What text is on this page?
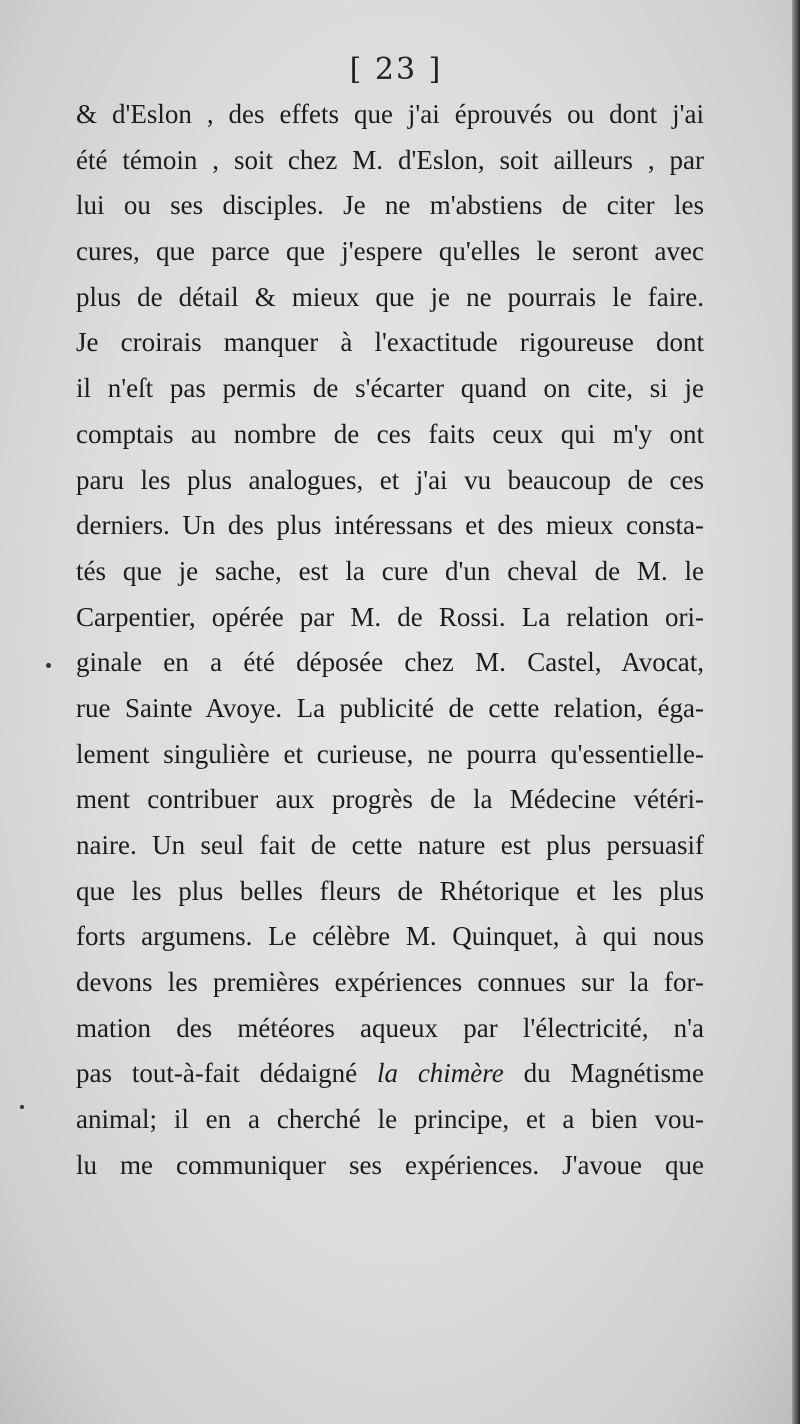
[ 23 ]
& d'Eslon , des effets que j'ai éprouvés ou dont j'ai
été témoin , soit chez M. d'Eslon, soit ailleurs , par
lui ou ses disciples. Je ne m'abstiens de citer les
cures, que parce que j'espere qu'elles le seront avec
plus de détail & mieux que je ne pourrais le faire.
Je croirais manquer à l'exactitude rigoureuse dont
il n'eſt pas permis de s'écarter quand on cite, si je
comptais au nombre de ces faits ceux qui m'y ont
paru les plus analogues, et j'ai vu beaucoup de ces
derniers. Un des plus intéressans et des mieux consta-
tés que je sache, est la cure d'un cheval de M. le
Carpentier, opérée par M. de Rossi. La relation ori-
ginale en a été déposée chez M. Castel, Avocat,
rue Sainte Avoye. La publicité de cette relation, éga-
lement singulière et curieuse, ne pourra qu'essentielle-
ment contribuer aux progrès de la Médecine vétéri-
naire. Un seul fait de cette nature est plus persuasif
que les plus belles fleurs de Rhétorique et les plus
forts argumens. Le célèbre M. Quinquet, à qui nous
devons les premières expériences connues sur la for-
mation des météores aqueux par l'électricité, n'a
pas tout-à-fait dédaigné la chimère du Magnétisme
animal; il en a cherché le principe, et a bien vou-
lu me communiquer ses expériences. J'avoue que
